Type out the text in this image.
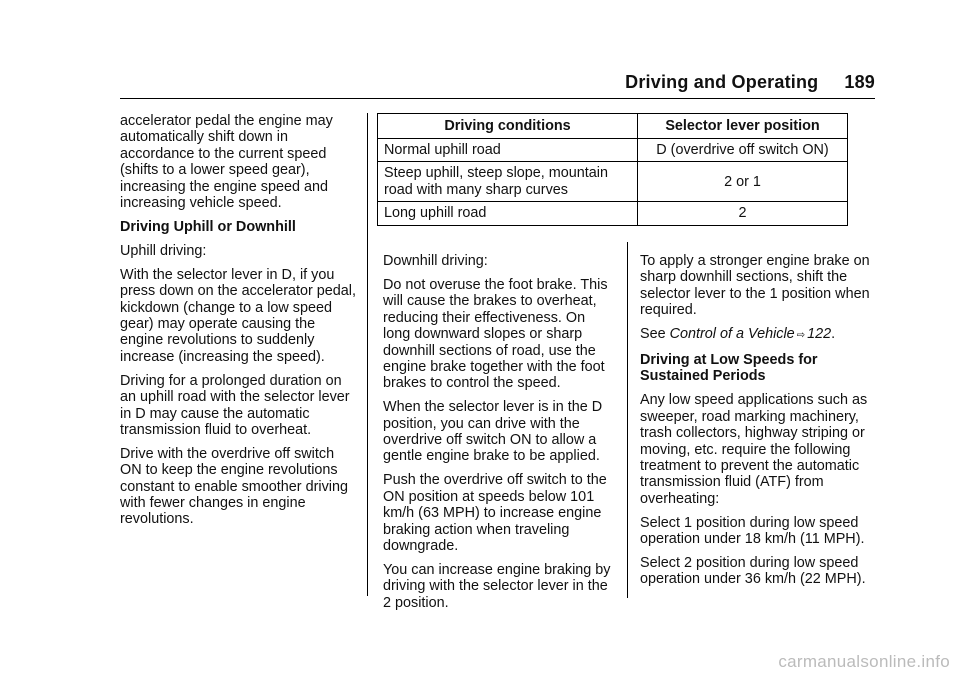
Driving and Operating 189

accelerator pedal the engine may automatically shift down in accordance to the current speed (shifts to a lower speed gear), increasing the engine speed and increasing vehicle speed.

Driving Uphill or Downhill

Uphill driving:

With the selector lever in D, if you press down on the accelerator pedal, kickdown (change to a low speed gear) may operate causing the engine revolutions to suddenly increase (increasing the speed).

Driving for a prolonged duration on an uphill road with the selector lever in D may cause the automatic transmission fluid to overheat.

Drive with the overdrive off switch ON to keep the engine revolutions constant to enable smoother driving with fewer changes in engine revolutions.

Driving conditions	Selector lever position
Normal uphill road	D (overdrive off switch ON)
Steep uphill, steep slope, mountain road with many sharp curves	2 or 1
Long uphill road	2

Downhill driving:

Do not overuse the foot brake. This will cause the brakes to overheat, reducing their effectiveness. On long downward slopes or sharp downhill sections of road, use the engine brake together with the foot brakes to control the speed.

When the selector lever is in the D position, you can drive with the overdrive off switch ON to allow a gentle engine brake to be applied.

Push the overdrive off switch to the ON position at speeds below 101 km/h (63 MPH) to increase engine braking action when traveling downgrade.

You can increase engine braking by driving with the selector lever in the 2 position.

To apply a stronger engine brake on sharp downhill sections, shift the selector lever to the 1 position when required.

See Control of a Vehicle ⇨ 122.

Driving at Low Speeds for Sustained Periods

Any low speed applications such as sweeper, road marking machinery, trash collectors, highway striping or moving, etc. require the following treatment to prevent the automatic transmission fluid (ATF) from overheating:

Select 1 position during low speed operation under 18 km/h (11 MPH).

Select 2 position during low speed operation under 36 km/h (22 MPH).

carmanualsonline.info
